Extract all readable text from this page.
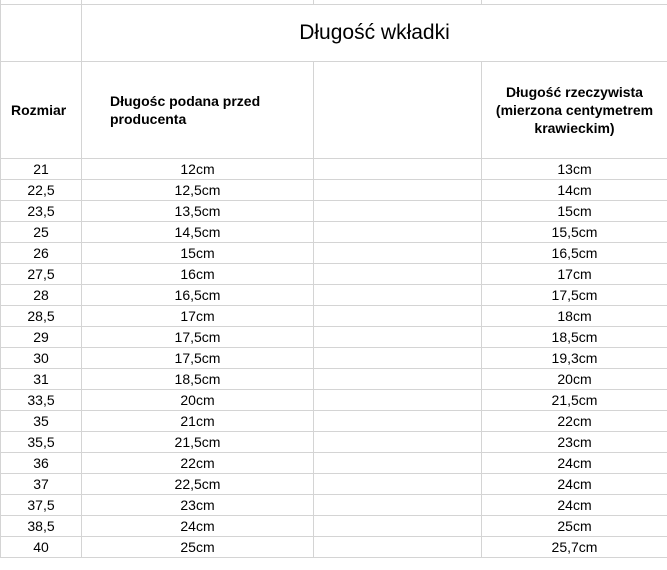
	Długość wkładki		
Rozmiar	Długośc podana przed producenta		Długość rzeczywista (mierzona centymetrem krawieckim)
21	12cm		13cm
22,5	12,5cm		14cm
23,5	13,5cm		15cm
25	14,5cm		15,5cm
26	15cm		16,5cm
27,5	16cm		17cm
28	16,5cm		17,5cm
28,5	17cm		18cm
29	17,5cm		18,5cm
30	17,5cm		19,3cm
31	18,5cm		20cm
33,5	20cm		21,5cm
35	21cm		22cm
35,5	21,5cm		23cm
36	22cm		24cm
37	22,5cm		24cm
37,5	23cm		24cm
38,5	24cm		25cm
40	25cm		25,7cm
